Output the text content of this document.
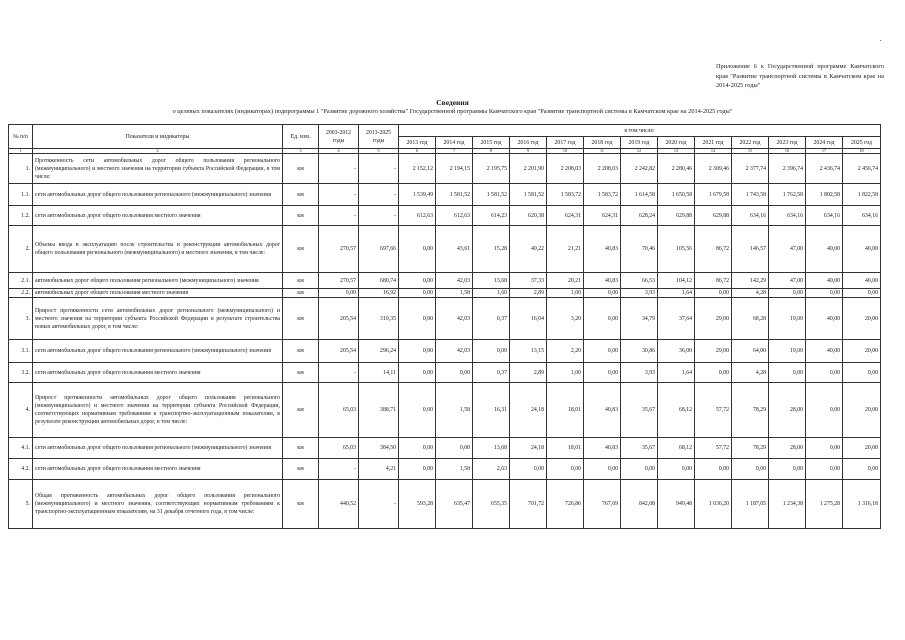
Приложение 6 к Государственной программе Камчатского края "Развитие транспортной системы в Камчатском крае на 2014-2025 годы"
Сведения
о целевых показателях (индикаторах) подпрограммы 1 "Развитие дорожного хозяйства" Государственной программы Камчатского края "Развитие транспортной системы в Камчатском крае на 2014-2025 годы"
№ п/п	Показатели и индикаторы	Ед. изм.	2003-2012 годы	2013-2025 годы	в том числе:												
					2013 год	2014 год	2015 год	2016 год	2017 год	2018 год	2019 год	2020 год	2021 год	2022 год	2023 год	2024 год	2025 год
1	2	3	4	5	6	7	8	9	10	11	12	13	14	15	16	17	18
1.	Протяженность сети автомобильных дорог общего пользования регионального (межмуниципального) и местного значения на территории субъекта Российской Федерации, в том числе:	км	-	-	2 152,12	2 194,15	2 195,75	2 201,90	2 208,03	2 208,03	2 242,82	2 280,46	2 309,46	2 377,74	2 396,74	2 436,74	2 456,74
1.1.	сети автомобильных дорог общего пользования регионального (межмуниципального) значения	км	-	-	1 539,49	1 581,52	1 581,52	1 581,52	1 583,72	1 583,72	1 614,58	1 650,58	1 679,58	1 743,58	1 762,58	1 802,58	1 822,58
1.2.	сети автомобильных дорог общего пользования местного значения	км	-	-	612,63	612,63	614,23	620,38	624,31	624,31	628,24	629,88	629,88	634,16	634,16	634,16	634,16
2.	Объемы ввода в эксплуатацию после строительства и реконструкции автомобильных дорог общего пользования регионального (межмуниципального) и местного значения, в том числе:	км	270,57	697,66	0,00	43,61	15,28	40,22	21,21	40,83	70,46	105,56	86,72	146,57	47,00	40,00	40,00
2.1.	автомобильных дорог общего пользования регионального (межмуниципального) значения	км	270,57	680,74	0,00	42,03	13,68	37,33	20,21	40,83	66,53	104,12	86,72	142,29	47,00	40,00	40,00
2.2.	автомобильных дорог общего пользования местного значения	км	0,00	16,92	0,00	1,58	1,60	2,89	1,00	0,00	3,93	1,64	0,00	4,28	0,00	0,00	0,00
3.	Прирост протяженности сети автомобильных дорог регионального (межмуниципального) и местного значения на территории субъекта Российской Федерации в результате строительства новых автомобильных дорог, в том числе:	км	205,54	310,35	0,00	42,03	0,37	16,04	3,20	0,00	34,79	37,64	29,00	68,28	19,00	40,00	20,00
3.1.	сети автомобильных дорог общего пользования регионального (межмуниципального) значения	км	205,54	296,24	0,00	42,03	0,00	13,15	2,20	0,00	30,86	36,00	29,00	64,00	19,00	40,00	20,00
3.2.	сети автомобильных дорог общего пользования местного значения	км	-	14,11	0,00	0,00	0,37	2,89	1,00	0,00	3,93	1,64	0,00	4,28	0,00	0,00	0,00
4.	Прирост протяженности автомобильных дорог общего пользования регионального (межмуниципального) и местного значения на территории субъекта Российской Федерации, соответствующих нормативным требованиям к транспортно-эксплуатационным показателям, в результате реконструкции автомобильных дорог, в том числе:	км	65,03	388,71	0,00	1,58	16,31	24,18	18,01	40,83	35,67	68,12	57,72	78,29	28,00	0,00	20,00
4.1.	сети автомобильных дорог общего пользования регионального (межмуниципального) значения	км	65,03	384,50	0,00	0,00	13,68	24,18	18,01	40,83	35,67	68,12	57,72	78,29	28,00	0,00	20,00
4.2.	сети автомобильных дорог общего пользования местного значения	км	-	4,21	0,00	1,58	2,63	0,00	0,00	0,00	0,00	0,00	0,00	0,00	0,00	0,00	0,00
5.	Общая протяженность автомобильных дорог общего пользования регионального (межмуниципального) и местного значения, соответствующих нормативным требованиям к транспортно-эксплуатационным показателям, на 31 декабря отчетного года, в том числе:	км	440,52	-	593,28	635,47	655,35	701,72	726,86	767,69	842,08	949,48	1 036,20	1 187,05	1 234,38	1 275,28	1 316,18
